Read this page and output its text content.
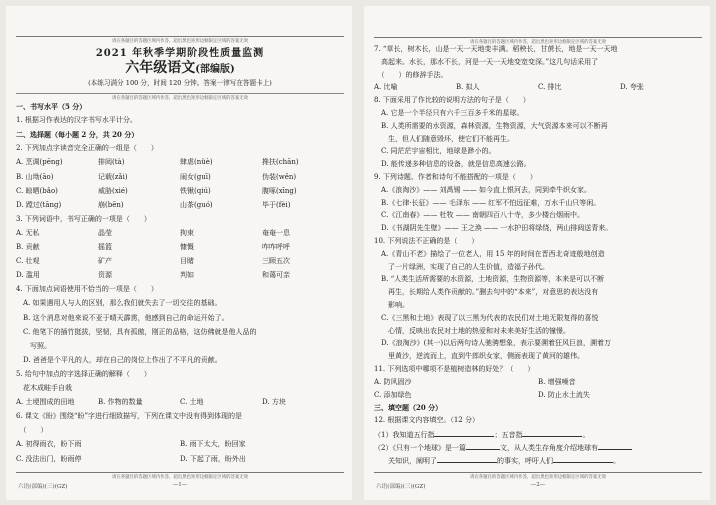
请在各题目的答题区域内作答，超出黑色矩形边框限定区域的答案无效
2021 年秋季学期阶段性质量监测
六年级语文(部编版)
(本练习满分 100 分，时间 120 分钟。答案一律写在答题卡上)
请在各题目的答题区域内作答，超出黑色矩形边框限定区域的答案无效
一、书写水平（5 分）
1. 根据习作表达的汉字书写水平计分。
二、选择题（每小题 2 分，共 20 分）
2. 下列加点字读音完全正确的一组是（　　）
A. 烹调(pēng)	排闼(tà)	肆虐(nüè)	搀扶(chān)
B. 山坳(āo)	记载(zǎi)	闹女(guī)	伪装(wěn)
C. 晾晒(bǎo)	威胁(xié)	铁锹(qiú)	腹啄(xīng)
D. 蹚过(tāng)	崩(bēn)	山茶(guó)	毕于(fèi)
3. 下列词语中，书写正确的一项是（　　）
A. 无私	晶莹	拘束	奄奄一息
B. 贡献	摇篮	慷慨	咋咋呼呼
C. 壮观	矿产	目睹	三顾五次
D. 滥用	资源	判如	和蔼可亲
4. 下面加点词语使用不恰当的一项是（　　）
　A. 如果遇用人与人的区别，那么我们就失去了一切交往的基础。
　B. 这个消息对他来说不亚于晴天霹雳，他感到自己的命运开始了。
　C. 他笔下的插竹挺拔，坚韧，具有孤傲，刚正的品格，这仿佛就是他人品的
　　写照。
　D. 爸爸是个平凡的人，却在自己的岗位上作出了不平凡的贡献。
5. 给句中加点的字选择正确的解释（　　）
　花木成畦手自栽
A. 土埂围成的田地	B. 作物的数量	C. 土地	D. 方块
6. 课文《盼》围绕“盼”字进行细致描写，下列在课文中没有得到体现的是
　（　　）
A. 初得雨衣，盼下雨	B. 雨下太大，盼回家
C. 没法出门，盼雨停	D. 下起了雨，盼外出
请在各题目的答题区域内作答，超出黑色矩形边框限定区域的答案无效
六语(部编)(三)(GZ)	—1—
请在各题目的答题区域内作答，超出黑色矩形边框限定区域的答案无效
7. “草长，树木长，山是一天一天地变丰满。稻秧长，甘蔗长，地是一天一天地
　高起来。水长，那水不长，河是一天一天地变宽变深。”这几句话采用了
　（　　）的修辞手法。
A. 比喻	B. 拟人	C. 排比	D. 夸张
8. 下面采用了作比较的说明方法的句子是（　　）
　A. 它是一个半径只有六千三百多千米的星球。
　B. 人类所需要的水资源，森林资源，生物资源，大气资源本来可以不断再
　　生，但人们随意毁坏，使它们不能再生。
　C. 同茫茫宇宙相比，地球是渺小的。
　D. 能传递多种信息的设备，就是信息高速公路。
9. 下列诗题、作者和诗句不能搭配的一项是（　　）
　A.《浪淘沙》—— 刘禹锡 —— 如今直上银河去，同到牵牛织女家。
　B.《七律·长征》—— 毛泽东 —— 红军不怕远征难，万水千山只等闲。
　C.《江南春》—— 杜牧 —— 南朝四百八十寺，多少楼台烟雨中。
　D.《书湖阴先生壁》—— 王之涣 —— 一水护田将绿绕，两山排闼送青来。
10. 下列说法不正确的是（　　）
　A.《青山不老》描绘了一位老人，用 15 年的时间在晋西北奇迹般地创造
　　了一片绿洲，实现了自己的人生价值，造福子孙代。
　B. “人类生活所需要的水资源，土地资源，生物资源等，本来是可以不断
　　再生，长期给人类作贡献的。”删去句中的“本来”，对意思的表达没有
　　影响。
　C.《三黑和土地》表现了以三黑为代表的农民们对土地无限复得的喜悦
　　心情，反映出农民对土地的热爱和对未来美好生活的憧憬。
　D.《浪淘沙》(其一)以后两句诗人驰骋想象，表示要溯着狂风巨浪，溯着万
　　里黄沙，逆流而上，直到牛郎织女家，侧面表现了黄河的雄伟。
11. 下列选项中哪项不是植树造林的好处？（　　）
A. 防风固沙	B. 增强噪音
C. 添加绿色	D. 防止水土流失
三、填空题（20 分）
12. 根据课文内容填空。（12 分）
（1）我知道五行指	；五音指	。
（2）《只有一个地球》是一篇	文，从人类生存角度介绍地球有
　　关知识，阐明了	的事实，呼吁人们	。
请在各题目的答题区域内作答，超出黑色矩形边框限定区域的答案无效
六语(部编)(三)(GZ)	—2—
